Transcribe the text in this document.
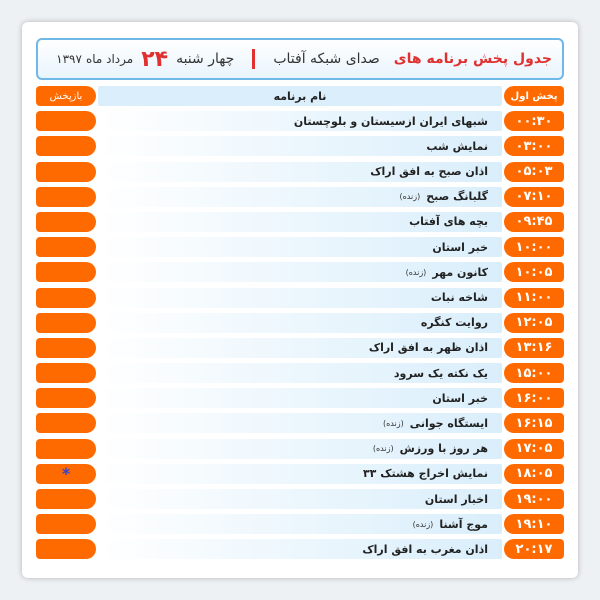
جدول پخش برنامه های
صدای شبکه آفتاب
چهار شنبه
۲۴
مرداد ماه
۱۳۹۷
پخش اول
نام برنامه
بازپخش
۰۰:۳۰
شبهای ایران ازسیستان و بلوچستان
۰۳:۰۰
نمایش شب
۰۵:۰۳
اذان صبح به افق اراک
۰۷:۱۰
گلبانگ صبح
(زنده)
۰۹:۴۵
بچه های آفتاب
۱۰:۰۰
خبر استان
۱۰:۰۵
کانون مهر
(زنده)
۱۱:۰۰
شاخه نبات
۱۲:۰۵
روایت کنگره
۱۳:۱۶
اذان ظهر به افق اراک
۱۵:۰۰
یک نکته یک سرود
۱۶:۰۰
خبر استان
۱۶:۱۵
ایستگاه جوانی
(زنده)
۱۷:۰۵
هر روز با ورزش
(زنده)
۱۸:۰۵
نمایش اخراج هشتک ۳۳
*
۱۹:۰۰
اخبار استان
۱۹:۱۰
موج آشنا
(زنده)
۲۰:۱۷
اذان مغرب به افق اراک
